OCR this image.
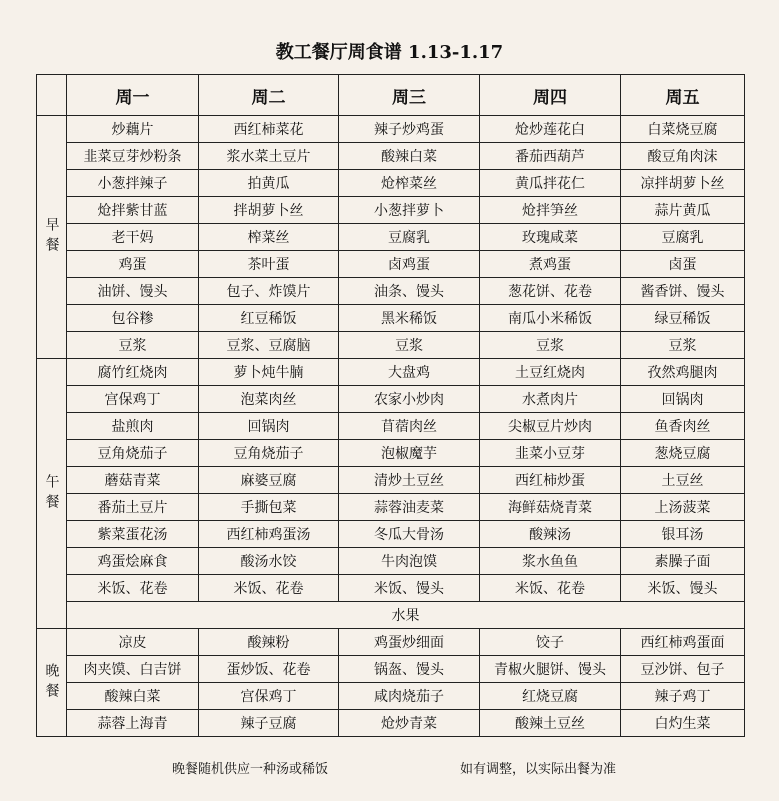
教工餐厅周食谱 1.13-1.17
	周一	周二	周三	周四	周五
早餐	炒藕片	西红柿菜花	辣子炒鸡蛋	炝炒莲花白	白菜烧豆腐
	韭菜豆芽炒粉条	浆水菜土豆片	酸辣白菜	番茄西葫芦	酸豆角肉沫
	小葱拌辣子	拍黄瓜	炝榨菜丝	黄瓜拌花仁	凉拌胡萝卜丝
	炝拌紫甘蓝	拌胡萝卜丝	小葱拌萝卜	炝拌笋丝	蒜片黄瓜
	老干妈	榨菜丝	豆腐乳	玫瑰咸菜	豆腐乳
	鸡蛋	茶叶蛋	卤鸡蛋	煮鸡蛋	卤蛋
	油饼、馒头	包子、炸馍片	油条、馒头	葱花饼、花卷	酱香饼、馒头
	包谷糁	红豆稀饭	黑米稀饭	南瓜小米稀饭	绿豆稀饭
	豆浆	豆浆、豆腐脑	豆浆	豆浆	豆浆
午餐	腐竹红烧肉	萝卜炖牛腩	大盘鸡	土豆红烧肉	孜然鸡腿肉
	宫保鸡丁	泡菜肉丝	农家小炒肉	水煮肉片	回锅肉
	盐煎肉	回锅肉	苜蓿肉丝	尖椒豆片炒肉	鱼香肉丝
	豆角烧茄子	豆角烧茄子	泡椒魔芋	韭菜小豆芽	葱烧豆腐
	蘑菇青菜	麻婆豆腐	清炒土豆丝	西红柿炒蛋	土豆丝
	番茄土豆片	手撕包菜	蒜蓉油麦菜	海鲜菇烧青菜	上汤菠菜
	紫菜蛋花汤	西红柿鸡蛋汤	冬瓜大骨汤	酸辣汤	银耳汤
	鸡蛋烩麻食	酸汤水饺	牛肉泡馍	浆水鱼鱼	素臊子面
	米饭、花卷	米饭、花卷	米饭、馒头	米饭、花卷	米饭、馒头
	水果				
晚餐	凉皮	酸辣粉	鸡蛋炒细面	饺子	西红柿鸡蛋面
	肉夹馍、白吉饼	蛋炒饭、花卷	锅盔、馒头	青椒火腿饼、馒头	豆沙饼、包子
	酸辣白菜	宫保鸡丁	咸肉烧茄子	红烧豆腐	辣子鸡丁
	蒜蓉上海青	辣子豆腐	炝炒青菜	酸辣土豆丝	白灼生菜
晚餐随机供应一种汤或稀饭	如有调整，以实际出餐为准
